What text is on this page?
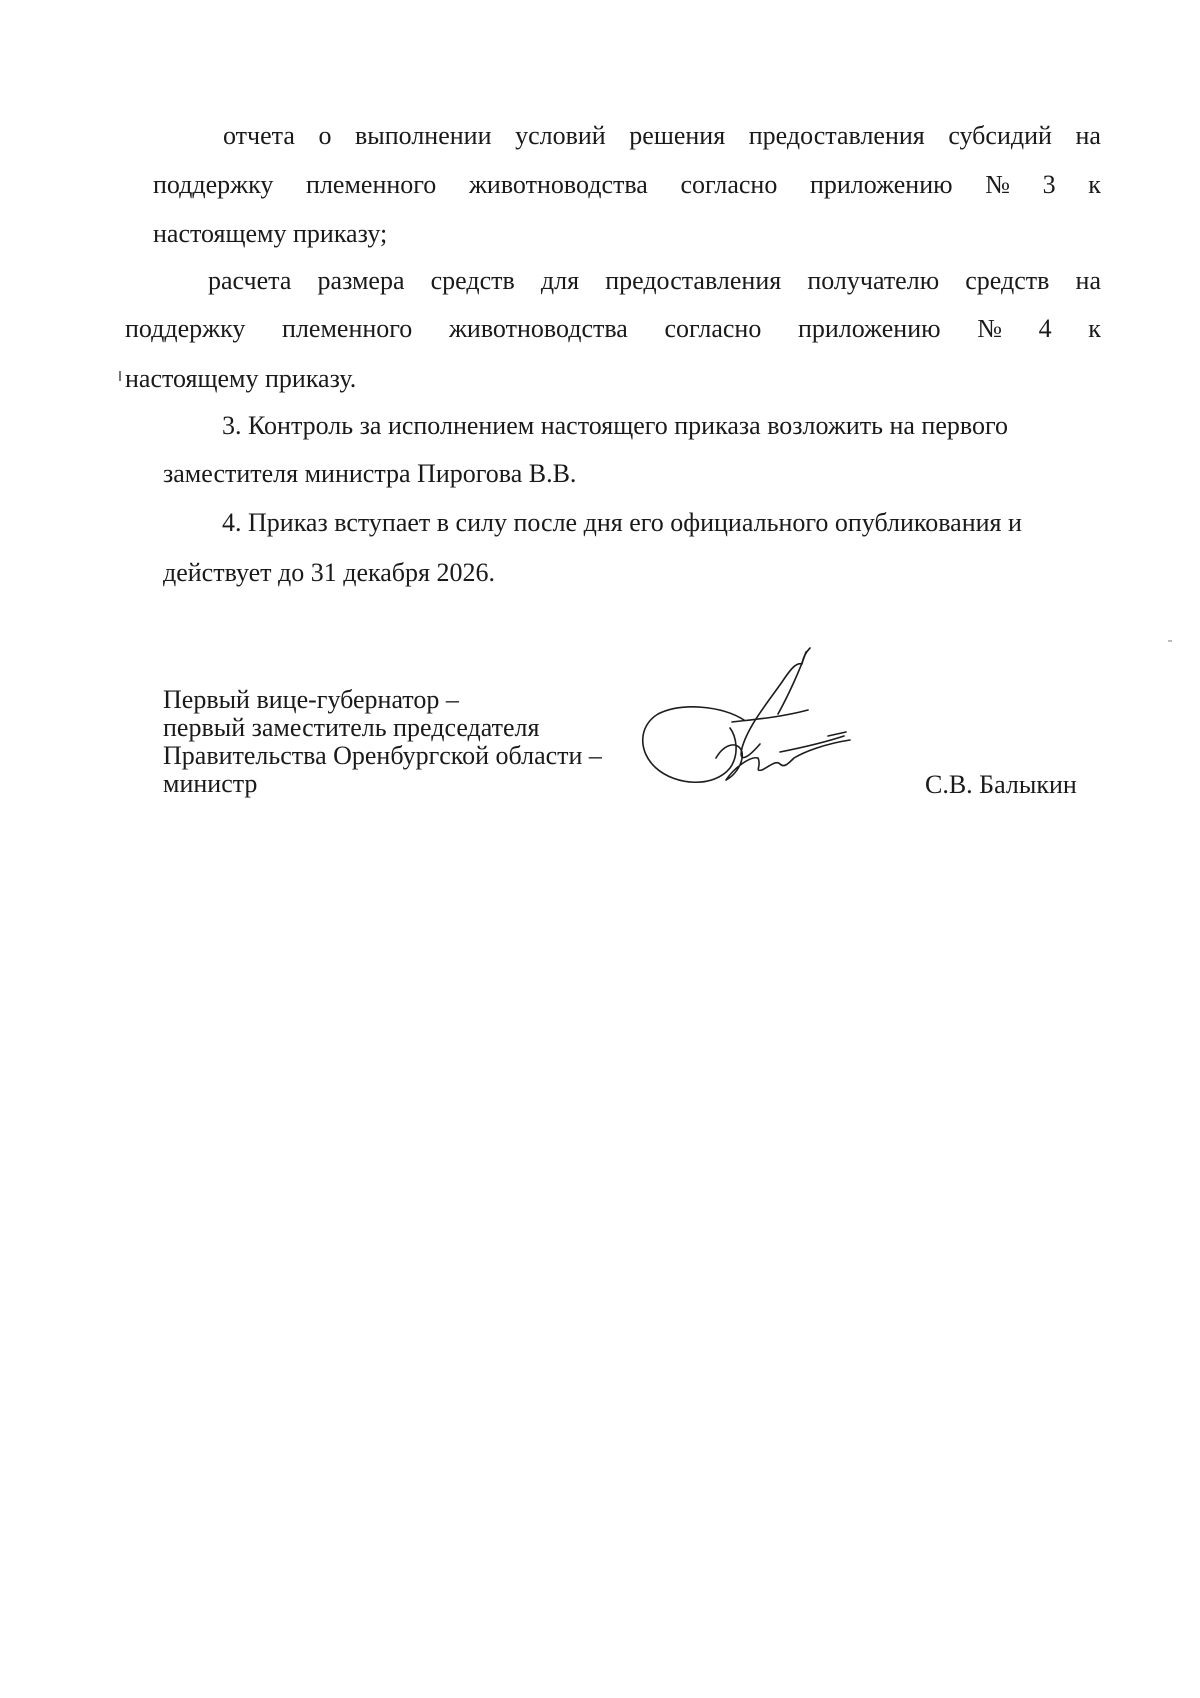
отчета о выполнении условий решения предоставления субсидий на
поддержку племенного животноводства согласно приложению № 3 к
настоящему приказу;
расчета размера средств для предоставления получателю средств на
поддержку племенного животноводства согласно приложению № 4 к
настоящему приказу.
3. Контроль за исполнением настоящего приказа возложить на первого
заместителя министра Пирогова В.В.
4. Приказ вступает в силу после дня его официального опубликования и
действует до 31 декабря 2026.
Первый вице-губернатор –
первый заместитель председателя
Правительства Оренбургской области –
министр	С.В. Балыкин
